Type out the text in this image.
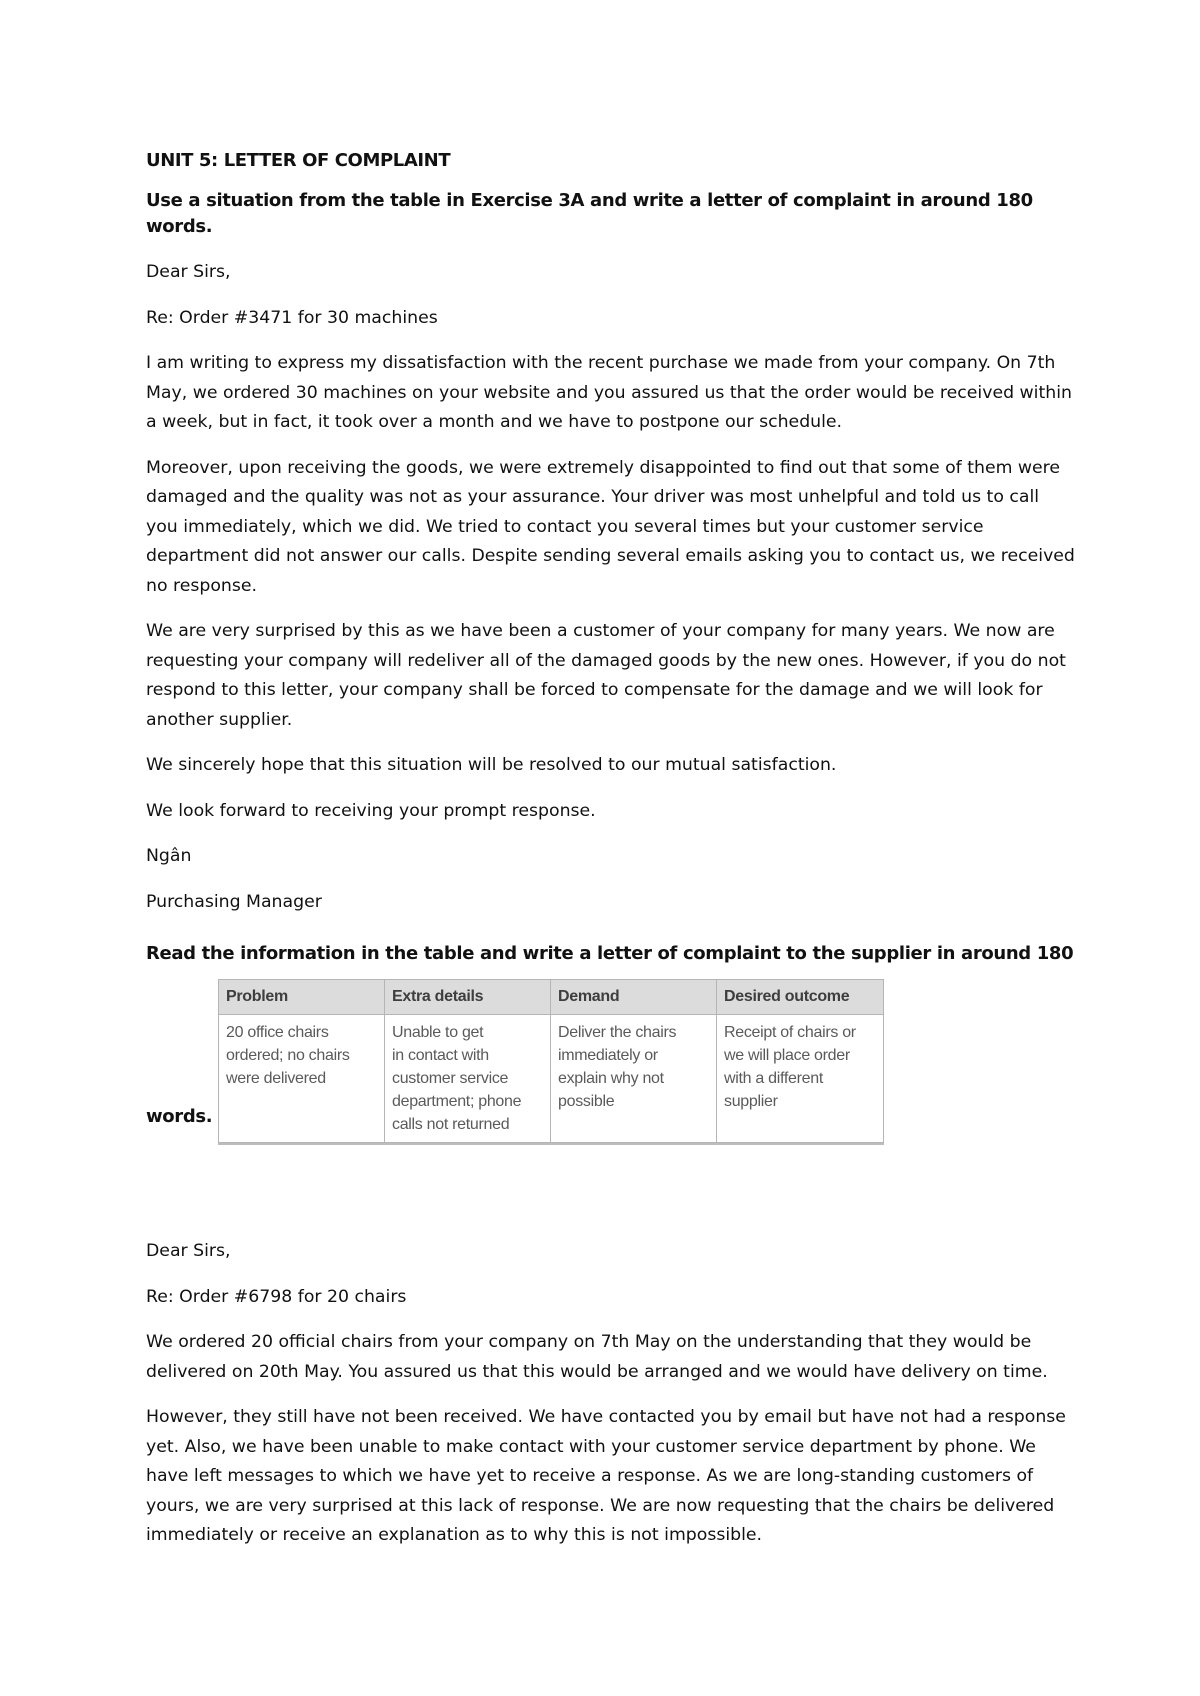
UNIT 5: LETTER OF COMPLAINT
Use a situation from the table in Exercise 3A and write a letter of complaint in around 180 words.
Dear Sirs,
Re: Order #3471 for 30 machines
I am writing to express my dissatisfaction with the recent purchase we made from your company. On 7th May, we ordered 30 machines on your website and you assured us that the order would be received within a week, but in fact, it took over a month and we have to postpone our schedule.
Moreover, upon receiving the goods, we were extremely disappointed to find out that some of them were damaged and the quality was not as your assurance. Your driver was most unhelpful and told us to call you immediately, which we did. We tried to contact you several times but your customer service department did not answer our calls. Despite sending several emails asking you to contact us, we received no response.
We are very surprised by this as we have been a customer of your company for many years. We now are requesting your company will redeliver all of the damaged goods by the new ones. However, if you do not respond to this letter, your company shall be forced to compensate for the damage and we will look for another supplier.
We sincerely hope that this situation will be resolved to our mutual satisfaction.
We look forward to receiving your prompt response.
Ngân
Purchasing Manager
Read the information in the table and write a letter of complaint to the supplier in around 180
Problem	Extra details	Demand	Desired outcome
20 office chairs
ordered; no chairs
were delivered	Unable to get
in contact with
customer service
department; phone
calls not returned	Deliver the chairs
immediately or
explain why not
possible	Receipt of chairs or
we will place order
with a different
supplier
words.
Dear Sirs,
Re: Order #6798 for 20 chairs
We ordered 20 official chairs from your company on 7th May on the understanding that they would be delivered on 20th May. You assured us that this would be arranged and we would have delivery on time.
However, they still have not been received. We have contacted you by email but have not had a response yet. Also, we have been unable to make contact with your customer service department by phone. We have left messages to which we have yet to receive a response. As we are long-standing customers of yours, we are very surprised at this lack of response. We are now requesting that the chairs be delivered immediately or receive an explanation as to why this is not impossible.
